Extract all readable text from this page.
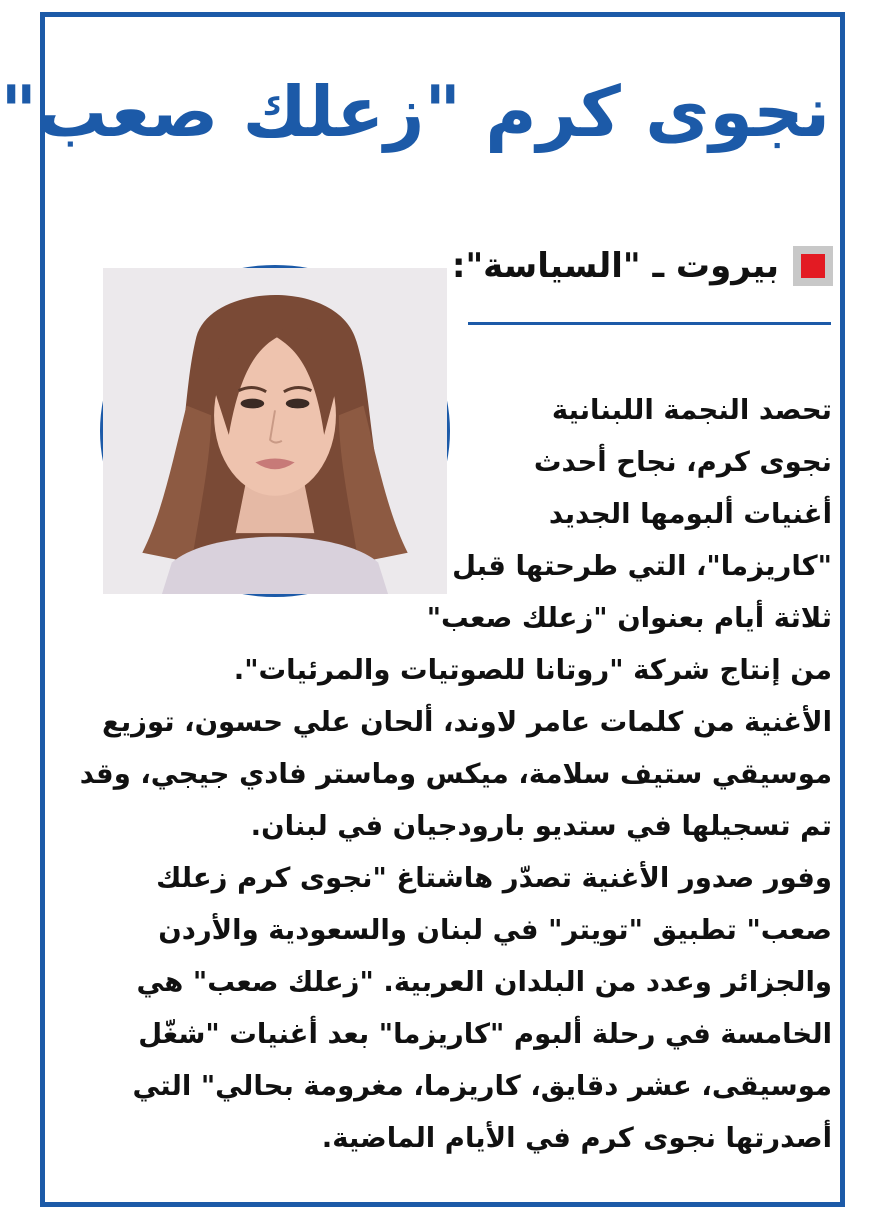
نجوى كرم "زعلك صعب"
بيروت ـ "السياسة":
تحصد النجمة اللبنانية
نجوى كرم، نجاح أحدث
أغنيات ألبومها الجديد
"كاريزما"، التي طرحتها قبل
ثلاثة أيام بعنوان "زعلك صعب"
من إنتاج شركة "روتانا للصوتيات والمرئيات".
الأغنية من كلمات عامر لاوند، ألحان علي حسون، توزيع
موسيقي ستيف سلامة، ميكس وماستر فادي جيجي، وقد
تم تسجيلها في ستديو بارودجيان في لبنان.
وفور صدور الأغنية تصدّر هاشتاغ "نجوى كرم زعلك
صعب" تطبيق "تويتر" في لبنان والسعودية والأردن
والجزائر وعدد من البلدان العربية. "زعلك صعب" هي
الخامسة في رحلة ألبوم "كاريزما" بعد أغنيات "شغّل
موسيقى، عشر دقايق، كاريزما، مغرومة بحالي" التي
أصدرتها نجوى كرم في الأيام الماضية.
